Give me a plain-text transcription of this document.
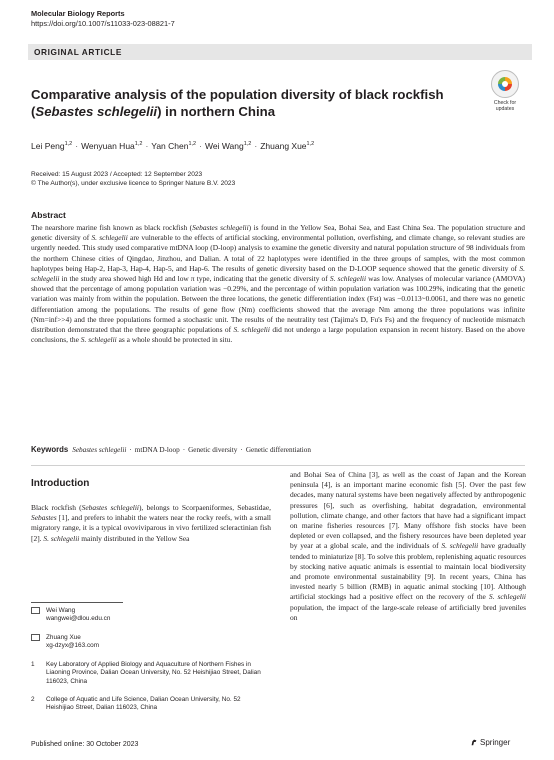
Molecular Biology Reports
https://doi.org/10.1007/s11033-023-08821-7
ORIGINAL ARTICLE
Check for
updates
Comparative analysis of the population diversity of black rockfish
(Sebastes schlegelii) in northern China
Lei Peng$^{1,2}$ · Wenyuan Hua$^{1,2}$ · Yan Chen$^{1,2}$ · Wei Wang$^{1,2}$ · Zhuang Xue$^{1,2}$
Received: 15 August 2023 / Accepted: 12 September 2023
© The Author(s), under exclusive licence to Springer Nature B.V. 2023
Abstract
The nearshore marine fish known as black rockfish (Sebastes schlegelii) is found in the Yellow Sea, Bohai Sea, and East China Sea. The population structure and genetic diversity of S. schlegelii are vulnerable to the effects of artificial stocking, environmental pollution, overfishing, and climate change, so relevant studies are urgently needed. This study used comparative mtDNA loop (D-loop) analysis to examine the genetic diversity and natural population structure of 98 individuals from the northern Chinese cities of Qingdao, Jinzhou, and Dalian. A total of 22 haplotypes were identified in the three groups of samples, with the most common haplotypes being Hap-2, Hap-3, Hap-4, Hap-5, and Hap-6. The results of genetic diversity based on the D-LOOP sequence showed that the genetic diversity of S. schlegelii in the study area showed high Hd and low π type, indicating that the genetic diversity of S. schlegelii was low. Analyses of molecular variance (AMOVA) showed that the percentage of among population variation was −0.29%, and the percentage of within population variation was 100.29%, indicating that the genetic variation was mainly from within the population. Between the three locations, the genetic differentiation index (Fst) was −0.0113~0.0061, and there was no genetic differentiation among the populations. The results of gene flow (Nm) coefficients showed that the average Nm among the three populations was infinite (Nm=inf>>4) and the three populations formed a stochastic unit. The results of the neutrality test (Tajima's D, Fu's Fs) and the frequency of nucleotide mismatch distribution demonstrated that the three geographic populations of S. schlegelii did not undergo a large population expansion in recent history. Based on the above conclusions, the S. schlegelii as a whole should be protected in situ.
Keywords Sebastes schlegelii · mtDNA D-loop · Genetic diversity · Genetic differentiation
Introduction
Black rockfish (Sebastes schlegelii), belongs to Scorpaeniformes, Sebastidae, Sebastes [1], and prefers to inhabit the waters near the rocky reefs, with a small migratory range, it is a typical ovoviviparous in vivo fertilized scleractinian fish [2]. S. schlegelii mainly distributed in the Yellow Sea
and Bohai Sea of China [3], as well as the coast of Japan and the Korean peninsula [4], is an important marine economic fish [5]. Over the past few decades, many natural systems have been negatively affected by anthropogenic pressures [6], such as overfishing, habitat degradation, environmental pollution, climate change, and other factors that have had a significant impact on marine fisheries resources [7]. Many offshore fish stocks have been depleted or even collapsed, and the fishery resources have been depleted year by year at a global scale, and the individuals of S. schlegelii have gradually tended to miniaturize [8]. To solve this problem, replenishing aquatic resources by stocking native aquatic animals is essential to maintain local biodiversity and promote environmental sustainability [9]. In recent years, China has invested nearly 5 billion (RMB) in aquatic animal stocking [10]. Although artificial stockings had a positive effect on the recovery of the S. schlegelii population, the impact of the large-scale release of artificially bred juveniles on
Wei Wang
wangwei@dlou.edu.cn
Zhuang Xue
xg-dzyx@163.com
1 Key Laboratory of Applied Biology and Aquaculture of Northern Fishes in Liaoning Province, Dalian Ocean University, No. 52 Heishijiao Street, Dalian 116023, China
2 College of Aquatic and Life Science, Dalian Ocean University, No. 52 Heishijiao Street, Dalian 116023, China
Published online: 30 October 2023	Springer
